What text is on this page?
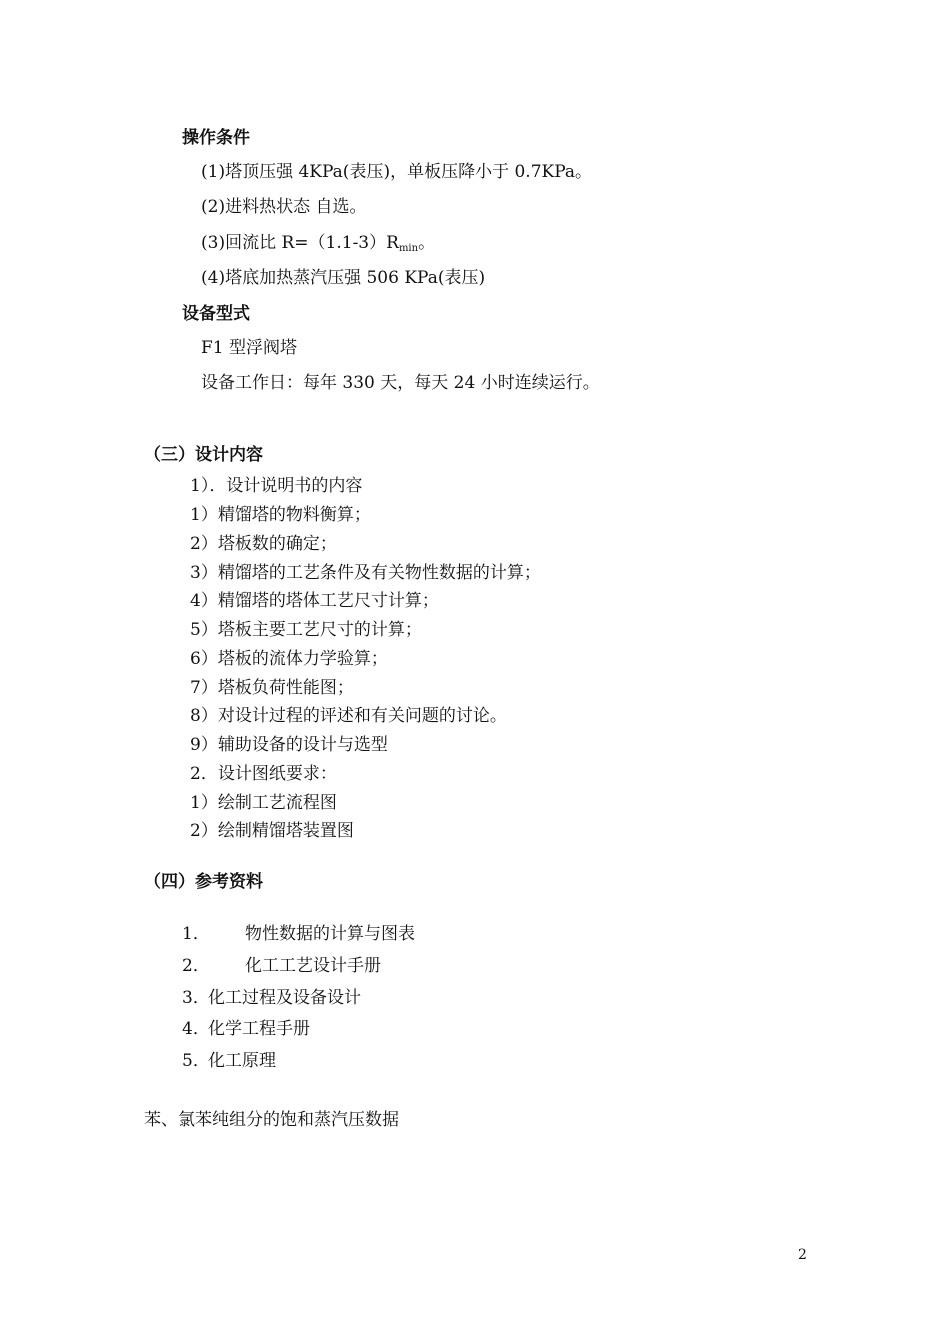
操作条件
(1)塔顶压强 4KPa(表压)，单板压降小于 0.7KPa。
(2)进料热状态 自选。
(3)回流比 $R=(1.1-3)R_{min}$。
(4)塔底加热蒸汽压强 506 KPa(表压)
设备型式
F1 型浮阀塔
设备工作日：每年 330 天，每天 24 小时连续运行。
（三）设计内容
1）．设计说明书的内容
1）精馏塔的物料衡算；
2）塔板数的确定；
3）精馏塔的工艺条件及有关物性数据的计算；
4）精馏塔的塔体工艺尺寸计算；
5）塔板主要工艺尺寸的计算；
6）塔板的流体力学验算；
7）塔板负荷性能图；
8）对设计过程的评述和有关问题的讨论。
9）辅助设备的设计与选型
2．设计图纸要求：
1）绘制工艺流程图
2）绘制精馏塔装置图
（四）参考资料
1． 物性数据的计算与图表
2． 化工工艺设计手册
3．化工过程及设备设计
4．化学工程手册
5．化工原理
苯、氯苯纯组分的饱和蒸汽压数据
2
